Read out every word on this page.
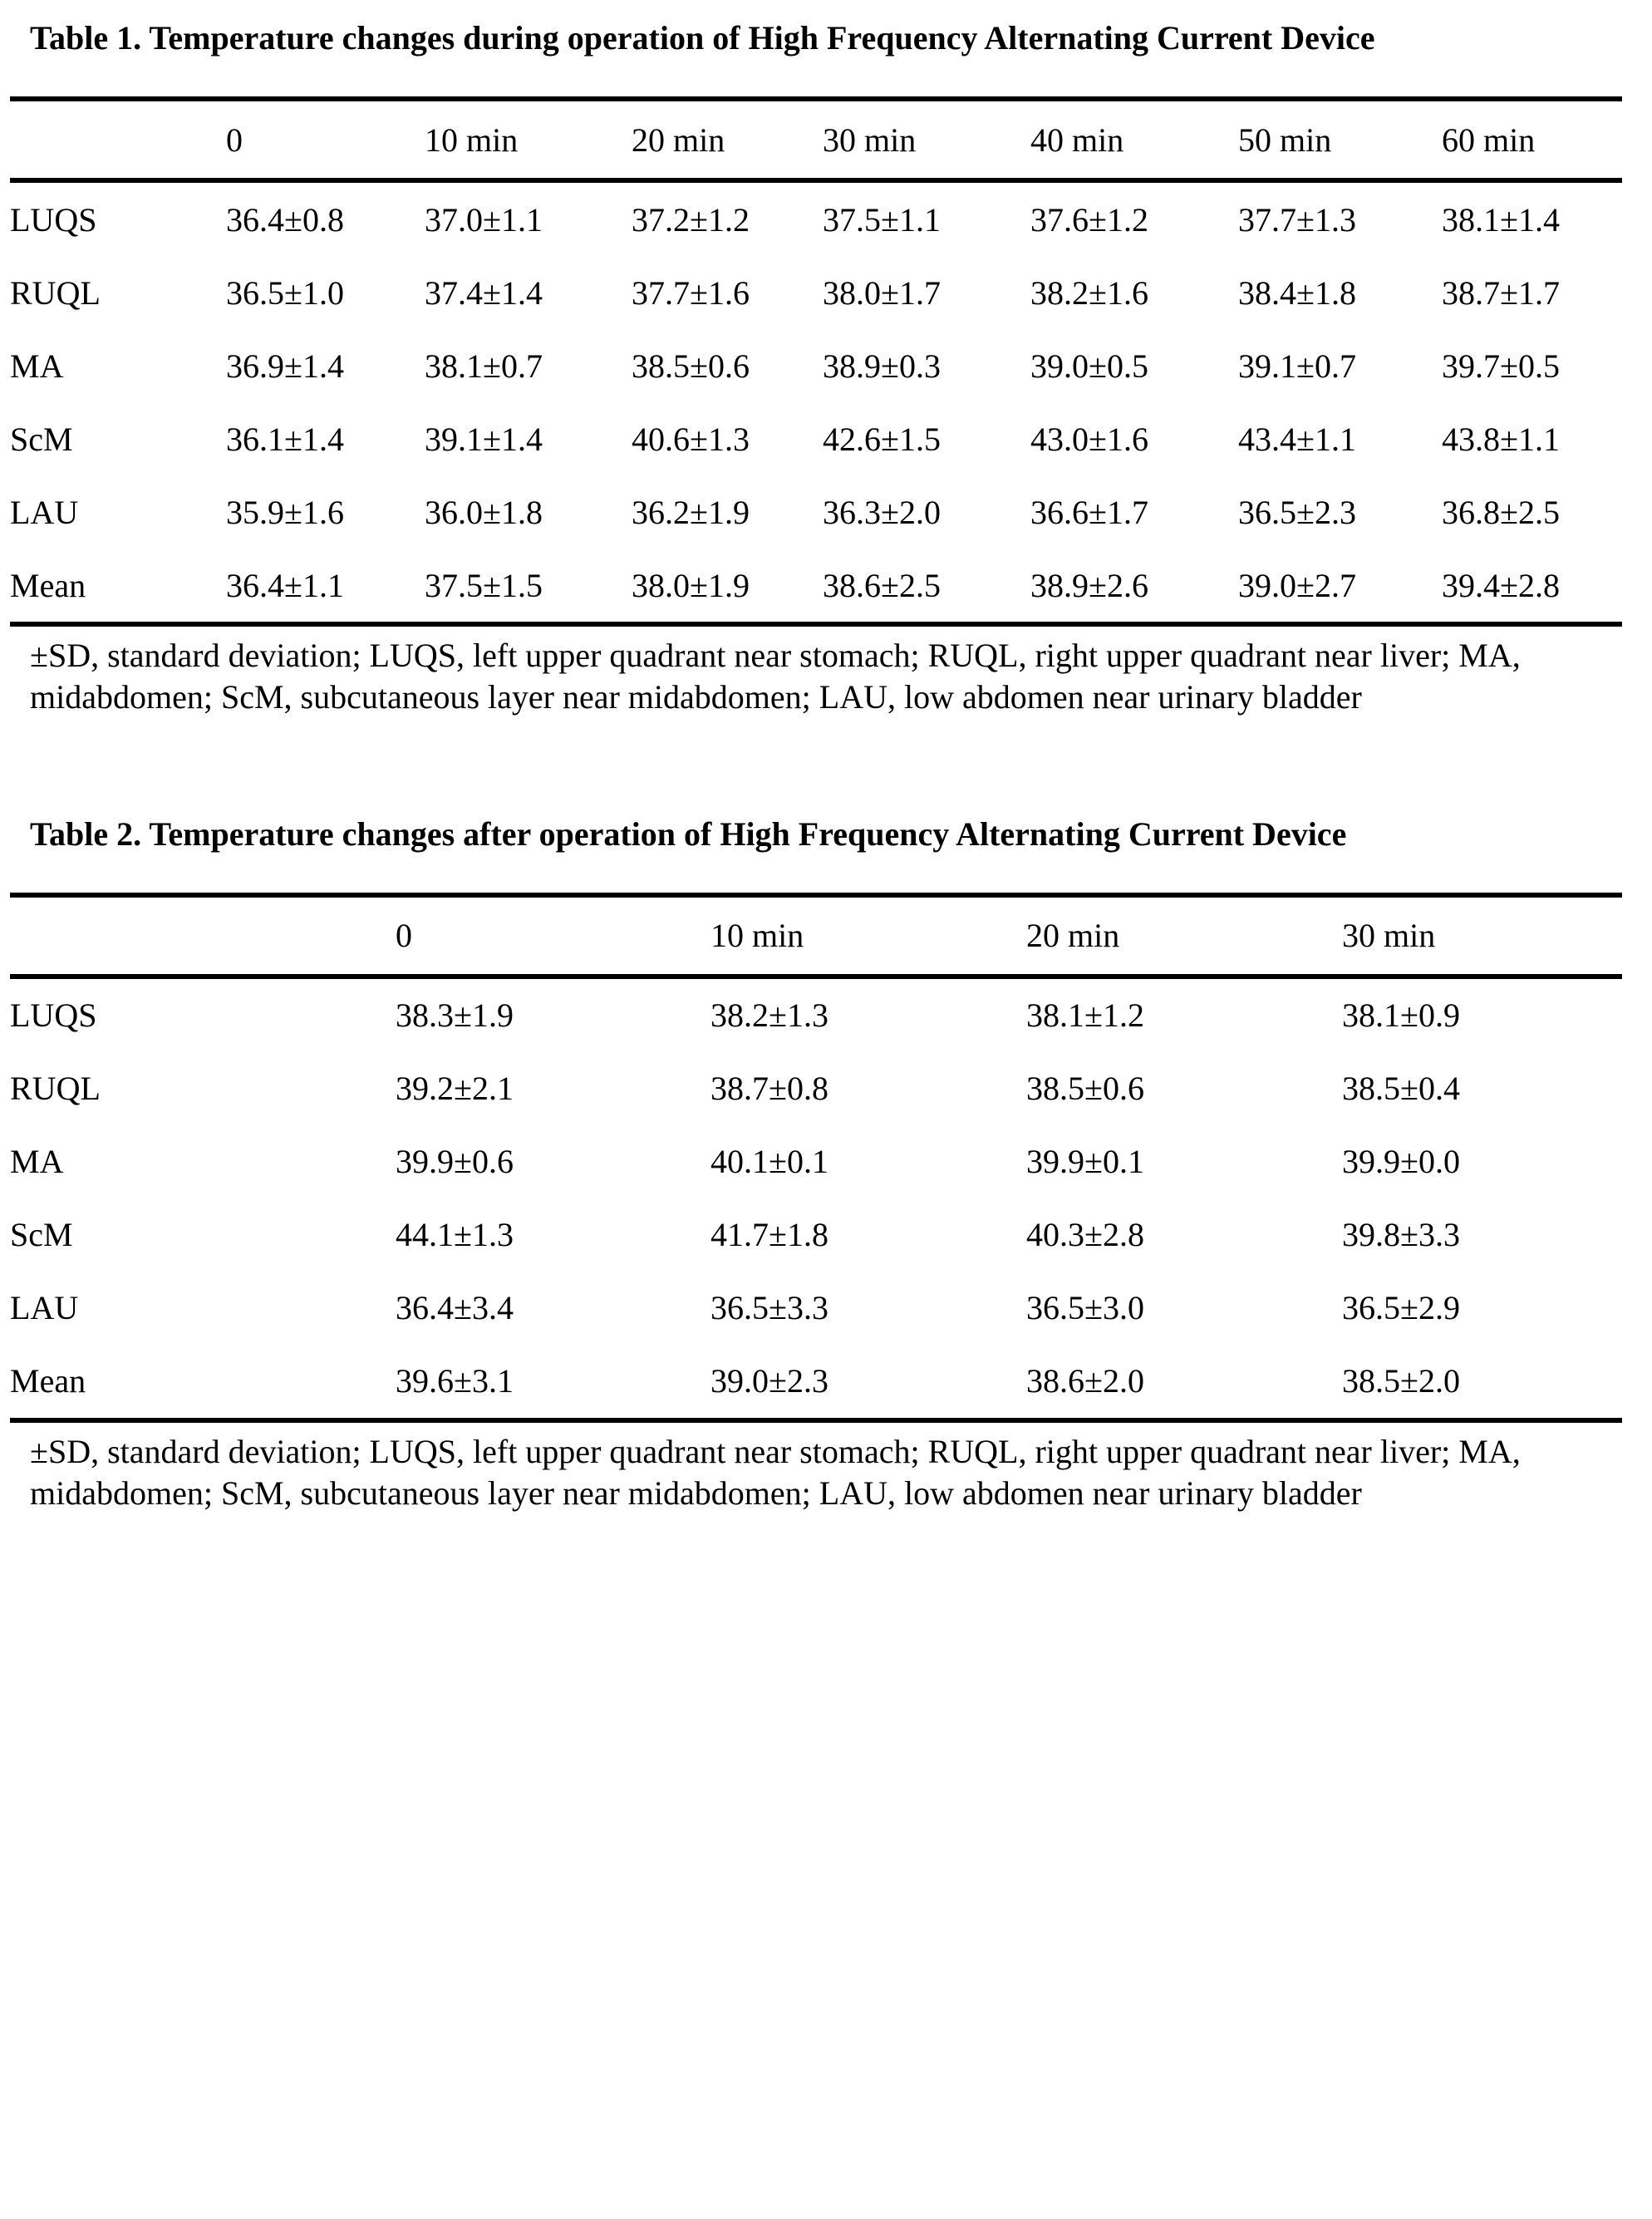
Table 1. Temperature changes during operation of High Frequency Alternating Current Device
	0	10 min	20 min	30 min	40 min	50 min	60 min
LUQS	36.4±0.8	37.0±1.1	37.2±1.2	37.5±1.1	37.6±1.2	37.7±1.3	38.1±1.4
RUQL	36.5±1.0	37.4±1.4	37.7±1.6	38.0±1.7	38.2±1.6	38.4±1.8	38.7±1.7
MA	36.9±1.4	38.1±0.7	38.5±0.6	38.9±0.3	39.0±0.5	39.1±0.7	39.7±0.5
ScM	36.1±1.4	39.1±1.4	40.6±1.3	42.6±1.5	43.0±1.6	43.4±1.1	43.8±1.1
LAU	35.9±1.6	36.0±1.8	36.2±1.9	36.3±2.0	36.6±1.7	36.5±2.3	36.8±2.5
Mean	36.4±1.1	37.5±1.5	38.0±1.9	38.6±2.5	38.9±2.6	39.0±2.7	39.4±2.8
±SD, standard deviation; LUQS, left upper quadrant near stomach; RUQL, right upper quadrant near liver; MA, midabdomen; ScM, subcutaneous layer near midabdomen; LAU, low abdomen near urinary bladder
Table 2. Temperature changes after operation of High Frequency Alternating Current Device
	0	10 min	20 min	30 min
LUQS	38.3±1.9	38.2±1.3	38.1±1.2	38.1±0.9
RUQL	39.2±2.1	38.7±0.8	38.5±0.6	38.5±0.4
MA	39.9±0.6	40.1±0.1	39.9±0.1	39.9±0.0
ScM	44.1±1.3	41.7±1.8	40.3±2.8	39.8±3.3
LAU	36.4±3.4	36.5±3.3	36.5±3.0	36.5±2.9
Mean	39.6±3.1	39.0±2.3	38.6±2.0	38.5±2.0
±SD, standard deviation; LUQS, left upper quadrant near stomach; RUQL, right upper quadrant near liver; MA, midabdomen; ScM, subcutaneous layer near midabdomen; LAU, low abdomen near urinary bladder
